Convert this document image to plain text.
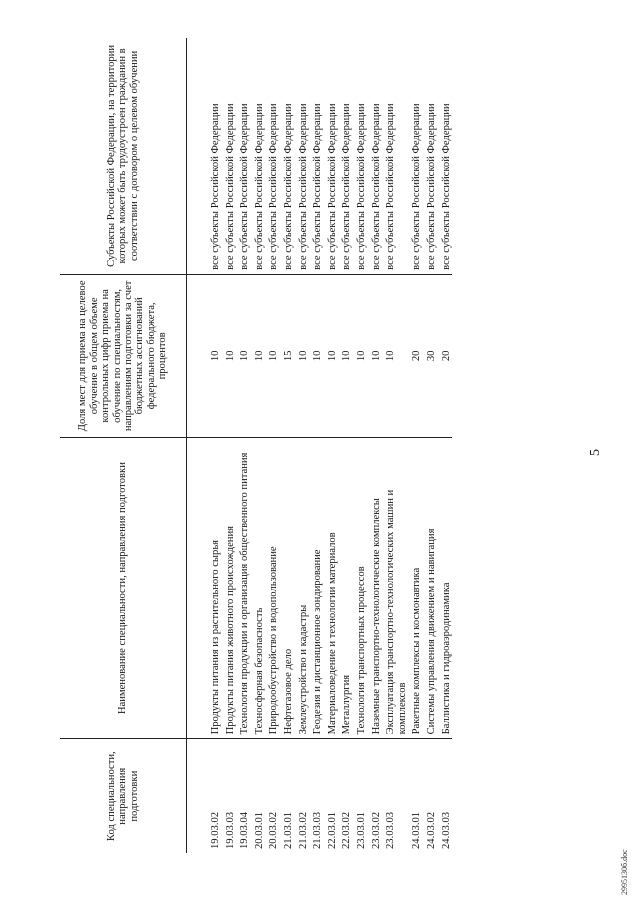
Код специальности, направления подготовки	Наименование специальности, направления подготовки	Доля мест для приема на целевое обучение в общем объеме контрольных цифр приема на обучение по специальностям, направлениям подготовки за счет бюджетных ассигнований федерального бюджета, процентов	Субъекты Российской Федерации, на территории которых может быть трудоустроен гражданин в соответствии с договором о целевом обучении

19.03.02	Продукты питания из растительного сырья	10	все субъекты Российской Федерации
19.03.03	Продукты питания животного происхождения	10	все субъекты Российской Федерации
19.03.04	Технология продукции и организация общественного питания	10	все субъекты Российской Федерации
20.03.01	Техносферная безопасность	10	все субъекты Российской Федерации
20.03.02	Природообустройство и водопользование	10	все субъекты Российской Федерации
21.03.01	Нефтегазовое дело	15	все субъекты Российской Федерации
21.03.02	Землеустройство и кадастры	10	все субъекты Российской Федерации
21.03.03	Геодезия и дистанционное зондирование	10	все субъекты Российской Федерации
22.03.01	Материаловедение и технологии материалов	10	все субъекты Российской Федерации
22.03.02	Металлургия	10	все субъекты Российской Федерации
23.03.01	Технология транспортных процессов	10	все субъекты Российской Федерации
23.03.02	Наземные транспортно-технологические комплексы	10	все субъекты Российской Федерации
23.03.03	Эксплуатация транспортно-технологических машин и комплексов	10	все субъекты Российской Федерации
24.03.01	Ракетные комплексы и космонавтика	20	все субъекты Российской Федерации
24.03.02	Системы управления движением и навигация	30	все субъекты Российской Федерации
24.03.03	Баллистика и гидроаэродинамика	20	все субъекты Российской Федерации
5
2995130б.doc
